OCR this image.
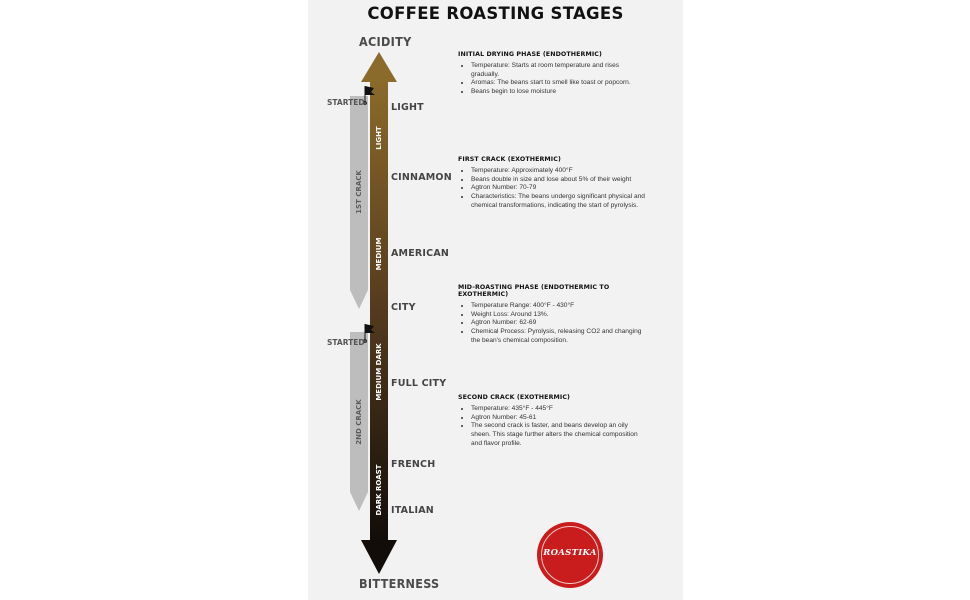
COFFEE ROASTING STAGES
ACIDITY
BITTERNESS
STARTED
STARTED
1ST CRACK
2ND CRACK
LIGHT
MEDIUM
MEDIUM DARK
DARK ROAST
LIGHT
CINNAMON
AMERICAN
CITY
FULL CITY
FRENCH
ITALIAN
INITIAL DRYING PHASE (ENDOTHERMIC)
• Temperature: Starts at room temperature and rises gradually.
• Aromas: The beans start to smell like toast or popcorn.
• Beans begin to lose moisture
FIRST CRACK (EXOTHERMIC)
• Temperature: Approximately 400°F
• Beans double in size and lose about 5% of their weight
• Agtron Number: 70-79
• Characteristics: The beans undergo significant physical and chemical transformations, indicating the start of pyrolysis.
MID-ROASTING PHASE (ENDOTHERMIC TO EXOTHERMIC)
• Temperature Range: 400°F - 430°F
• Weight Loss: Around 13%.
• Agtron Number: 62-69
• Chemical Process: Pyrolysis, releasing CO2 and changing the bean's chemical composition.
SECOND CRACK (EXOTHERMIC)
• Temperature: 435°F - 445°F
• Agtron Number: 45-61
• The second crack is faster, and beans develop an oily sheen. This stage further alters the chemical composition and flavor profile.
ROASTIKA
